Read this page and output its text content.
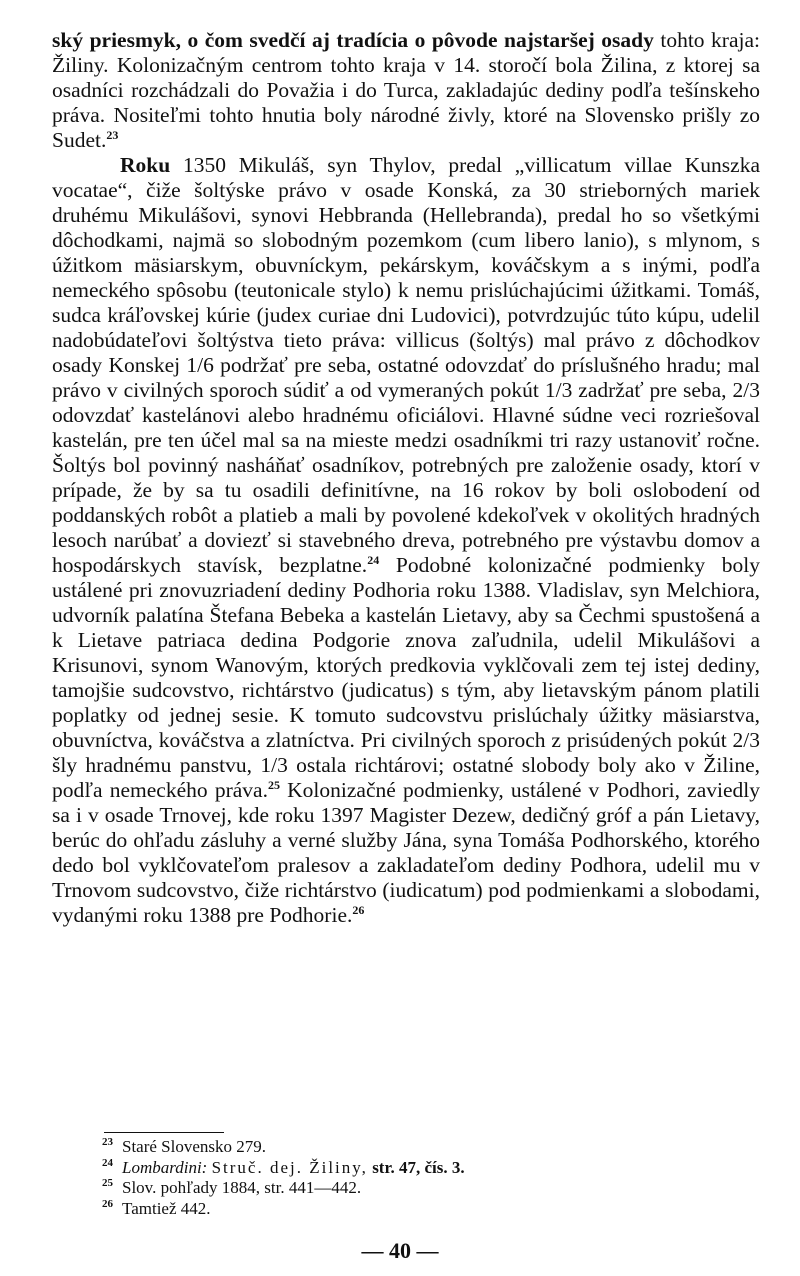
ský priesmyk, o čom svedčí aj tradícia o pôvode najstaršej osady tohto kraja: Žiliny. Kolonizačným centrom tohto kraja v 14. storočí bola Žilina, z ktorej sa osadníci rozchádzali do Považia i do Turca, zakladajúc dediny podľa tešínskeho práva. Nositeľmi tohto hnutia boly národné živly, ktoré na Slovensko prišly zo Sudet.$^{23}$

Roku 1350 Mikuláš, syn Thylov, predal „villicatum villae Kunszka vocatae“, čiže šoltýske právo v osade Konská, za 30 strieborných mariek druhému Mikulášovi, synovi Hebbranda (Hellebranda), predal ho so všetkými dôchodkami, najmä so slobodným pozemkom (cum libero lanio), s mlynom, s úžitkom mäsiarskym, obuvníckym, pekárskym, kováčskym a s inými, podľa nemeckého spôsobu (teutonicale stylo) k nemu prislúchajúcimi úžitkami. Tomáš, sudca kráľovskej kúrie (judex curiae dni Ludovici), potvrdzujúc túto kúpu, udelil nadobúdateľovi šoltýstva tieto práva: villicus (šoltýs) mal právo z dôchodkov osady Konskej 1/6 podržať pre seba, ostatné odovzdať do príslušného hradu; mal právo v civilných sporoch súdiť a od vymeraných pokút 1/3 zadržať pre seba, 2/3 odovzdať kastelánovi alebo hradnému oficiálovi. Hlavné súdne veci rozriešoval kastelán, pre ten účel mal sa na mieste medzi osadníkmi tri razy ustanoviť ročne. Šoltýs bol povinný nasháňať osadníkov, potrebných pre založenie osady, ktorí v prípade, že by sa tu osadili definitívne, na 16 rokov by boli oslobodení od poddanských robôt a platieb a mali by povolené kdekoľvek v okolitých hradných lesoch narúbať a doviezť si stavebného dreva, potrebného pre výstavbu domov a hospodárskych stavísk, bezplatne.$^{24}$ Podobné kolonizačné podmienky boly ustálené pri znovuzriadení dediny Podhoria roku 1388. Vladislav, syn Melchiora, udvorník palatína Štefana Bebeka a kastelán Lietavy, aby sa Čechmi spustošená a k Lietave patriaca dedina Podgorie znova zaľudnila, udelil Mikulášovi a Krisunovi, synom Wanovým, ktorých predkovia vyklčovali zem tej istej dediny, tamojšie sudcovstvo, richtárstvo (judicatus) s tým, aby lietavským pánom platili poplatky od jednej sesie. K tomuto sudcovstvu prislúchaly úžitky mäsiarstva, obuvníctva, kováčstva a zlatníctva. Pri civilných sporoch z prisúdených pokút 2/3 šly hradnému panstvu, 1/3 ostala richtárovi; ostatné slobody boly ako v Žiline, podľa nemeckého práva.$^{25}$ Kolonizačné podmienky, ustálené v Podhori, zaviedly sa i v osade Trnovej, kde roku 1397 Magister Dezew, dedičný gróf a pán Lietavy, berúc do ohľadu zásluhy a verné služby Jána, syna Tomáša Podhorského, ktorého dedo bol vyklčovateľom pralesov a zakladateľom dediny Podhora, udelil mu v Trnovom sudcovstvo, čiže richtárstvo (iudicatum) pod podmienkami a slobodami, vydanými roku 1388 pre Podhorie.$^{26}$

23 Staré Slovensko 279.
24 Lombardini: Struč. dej. Žiliny, str. 47, čís. 3.
25 Slov. pohľady 1884, str. 441—442.
26 Tamtiež 442.
— 40 —
